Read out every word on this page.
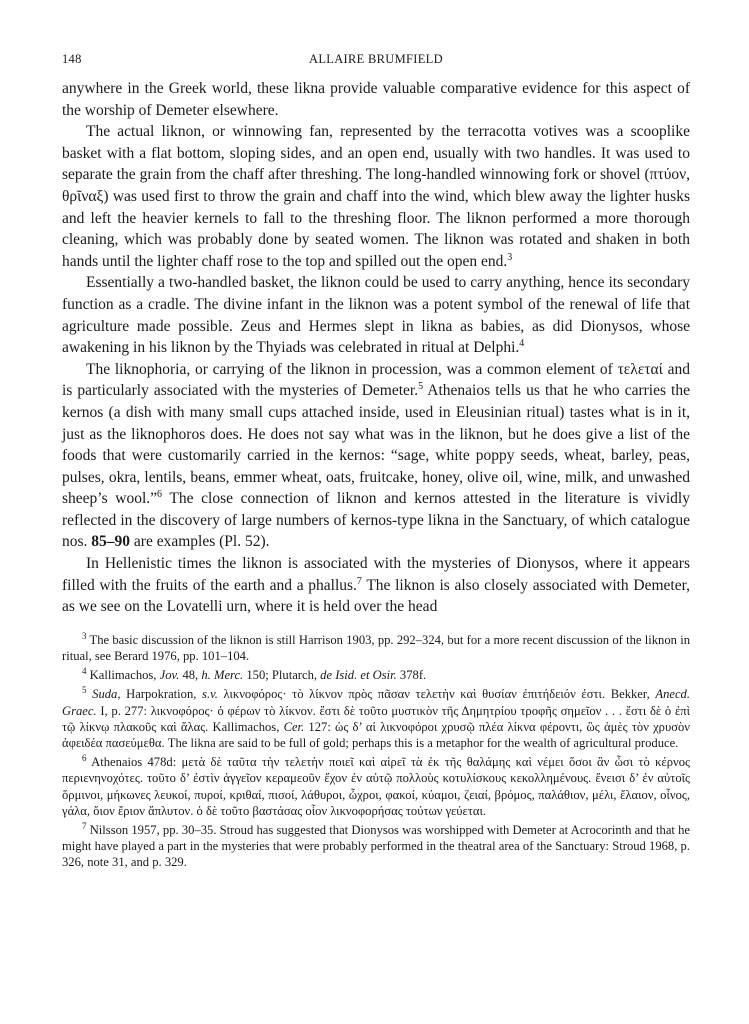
148	ALLAIRE BRUMFIELD

anywhere in the Greek world, these likna provide valuable comparative evidence for this aspect of the worship of Demeter elsewhere.

The actual liknon, or winnowing fan, represented by the terracotta votives was a scooplike basket with a flat bottom, sloping sides, and an open end, usually with two handles. It was used to separate the grain from the chaff after threshing. The long-handled winnowing fork or shovel (πτύον, θρῖναξ) was used first to throw the grain and chaff into the wind, which blew away the lighter husks and left the heavier kernels to fall to the threshing floor. The liknon performed a more thorough cleaning, which was probably done by seated women. The liknon was rotated and shaken in both hands until the lighter chaff rose to the top and spilled out the open end.$^3$

Essentially a two-handled basket, the liknon could be used to carry anything, hence its secondary function as a cradle. The divine infant in the liknon was a potent symbol of the renewal of life that agriculture made possible. Zeus and Hermes slept in likna as babies, as did Dionysos, whose awakening in his liknon by the Thyiads was celebrated in ritual at Delphi.$^4$

The liknophoria, or carrying of the liknon in procession, was a common element of τελεταί and is particularly associated with the mysteries of Demeter.$^5$ Athenaios tells us that he who carries the kernos (a dish with many small cups attached inside, used in Eleusinian ritual) tastes what is in it, just as the liknophoros does. He does not say what was in the liknon, but he does give a list of the foods that were customarily carried in the kernos: “sage, white poppy seeds, wheat, barley, peas, pulses, okra, lentils, beans, emmer wheat, oats, fruitcake, honey, olive oil, wine, milk, and unwashed sheep’s wool.”$^6$ The close connection of liknon and kernos attested in the literature is vividly reflected in the discovery of large numbers of kernos-type likna in the Sanctuary, of which catalogue nos. 85–90 are examples (Pl. 52).

In Hellenistic times the liknon is associated with the mysteries of Dionysos, where it appears filled with the fruits of the earth and a phallus.$^7$ The liknon is also closely associated with Demeter, as we see on the Lovatelli urn, where it is held over the head

$^3$ The basic discussion of the liknon is still Harrison 1903, pp. 292–324, but for a more recent discussion of the liknon in ritual, see Berard 1976, pp. 101–104.

$^4$ Kallimachos, Jov. 48, h. Merc. 150; Plutarch, de Isid. et Osir. 378f.

$^5$ Suda, Harpokration, s.v. λικνοφόρος· τὸ λίκνον πρὸς πᾶσαν τελετὴν καὶ θυσίαν ἐπιτήδειόν ἐστι. Bekker, Anecd. Graec. I, p. 277: λικνοφόρος· ὁ φέρων τὸ λίκνον. ἔστι δὲ τοῦτο μυστικὸν τῆς Δημητρίου τροφῆς σημεῖον . . . ἔστι δὲ ὁ ἐπὶ τῷ λίκνῳ πλακοῦς καὶ ἅλας. Kallimachos, Cer. 127: ὡς δ’ αἱ λικνοφόροι χρυσῷ πλέα λίκνα φέροντι, ὣς ἁμὲς τὸν χρυσὸν ἀφειδέα πασεύμεθα. The likna are said to be full of gold; perhaps this is a metaphor for the wealth of agricultural produce.

$^6$ Athenaios 478d: μετὰ δὲ ταῦτα τὴν τελετὴν ποιεῖ καὶ αἱρεῖ τὰ ἐκ τῆς θαλάμης καὶ νέμει ὅσοι ἂν ὦσι τὸ κέρνος περιενηνοχότες. τοῦτο δ’ ἐστὶν ἀγγεῖον κεραμεοῦν ἔχον ἐν αὑτῷ πολλοὺς κοτυλίσκους κεκολλημένους. ἔνεισι δ’ ἐν αὐτοῖς ὅρμινοι, μήκωνες λευκοί, πυροί, κριθαί, πισοί, λάθυροι, ὦχροι, φακοί, κύαμοι, ζειαί, βρόμος, παλάθιον, μέλι, ἔλαιον, οἶνος, γάλα, ὄιον ἔριον ἄπλυτον. ὁ δὲ τοῦτο βαστάσας οἷον λικνοφορήσας τούτων γεύεται.

$^7$ Nilsson 1957, pp. 30–35. Stroud has suggested that Dionysos was worshipped with Demeter at Acrocorinth and that he might have played a part in the mysteries that were probably performed in the theatral area of the Sanctuary: Stroud 1968, p. 326, note 31, and p. 329.
